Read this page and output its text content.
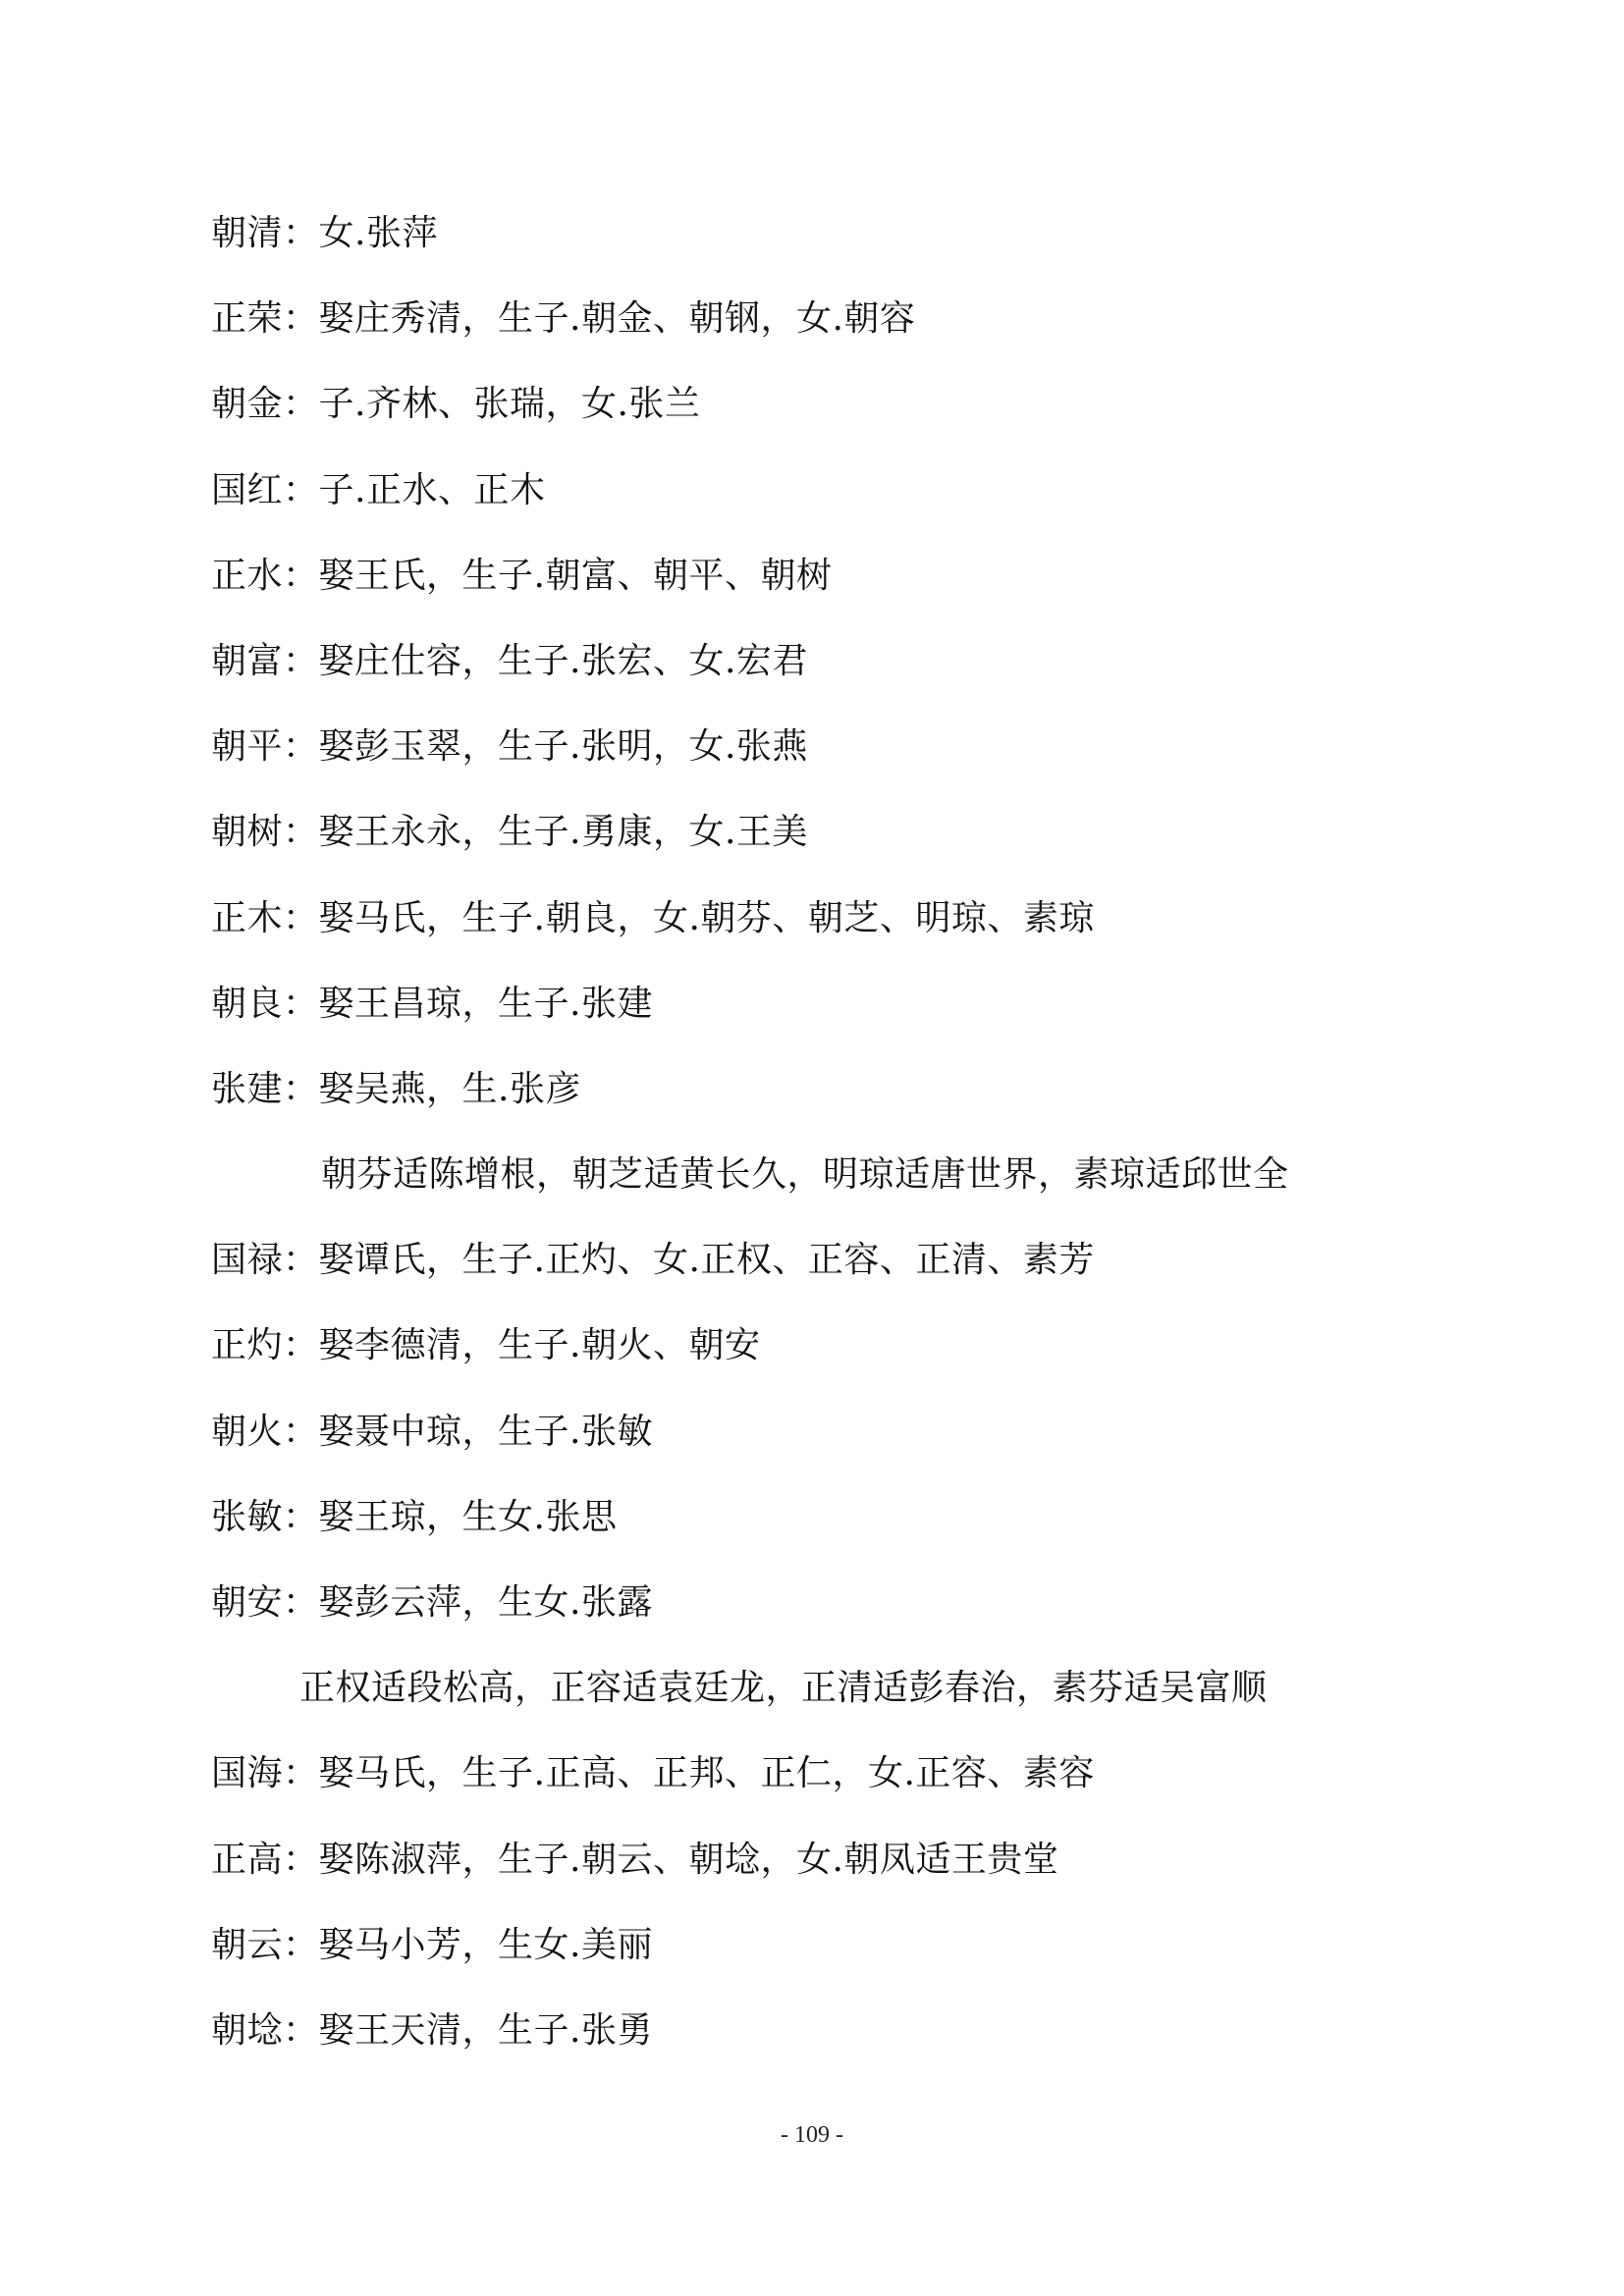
朝清：女.张萍
正荣：娶庄秀清，生子.朝金、朝钢，女.朝容
朝金：子.齐林、张瑞，女.张兰
国红：子.正水、正木
正水：娶王氏，生子.朝富、朝平、朝树
朝富：娶庄仕容，生子.张宏、女.宏君
朝平：娶彭玉翠，生子.张明，女.张燕
朝树：娶王永永，生子.勇康，女.王美
正木：娶马氏，生子.朝良，女.朝芬、朝芝、明琼、素琼
朝良：娶王昌琼，生子.张建
张建：娶吴燕，生.张彦
朝芬适陈增根，朝芝适黄长久，明琼适唐世界，素琼适邱世全
国禄：娶谭氏，生子.正灼、女.正权、正容、正清、素芳
正灼：娶李德清，生子.朝火、朝安
朝火：娶聂中琼，生子.张敏
张敏：娶王琼，生女.张思
朝安：娶彭云萍，生女.张露
正权适段松高，正容适袁廷龙，正清适彭春治，素芬适吴富顺
国海：娶马氏，生子.正高、正邦、正仁，女.正容、素容
正高：娶陈淑萍，生子.朝云、朝埝，女.朝凤适王贵堂
朝云：娶马小芳，生女.美丽
朝埝：娶王天清，生子.张勇
- 109 -
